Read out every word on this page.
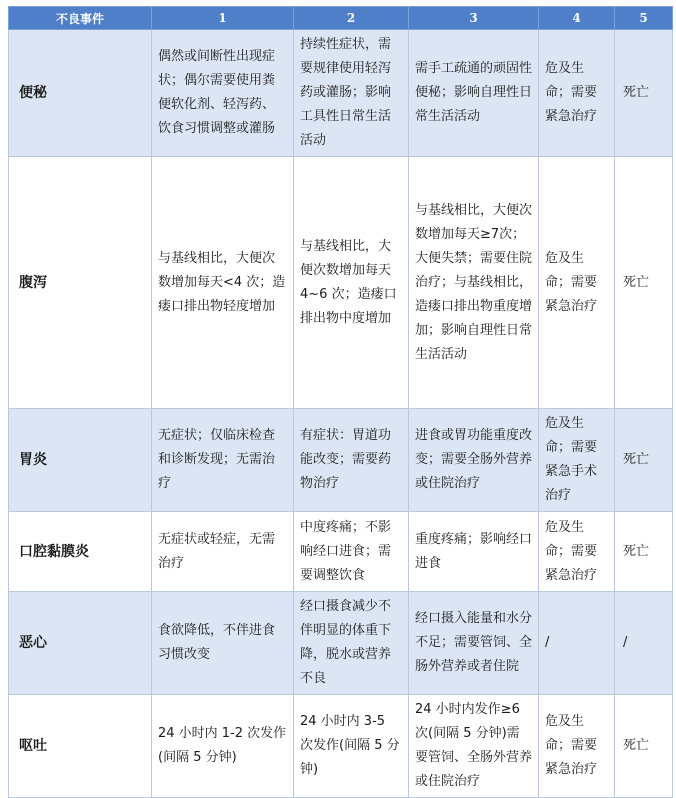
不良事件	1	2	3	4	5
便秘	偶然或间断性出现症状；偶尔需要使用粪便软化剂、轻泻药、饮食习惯调整或灌肠	持续性症状，需要规律使用轻泻药或灌肠；影响工具性日常生活活动	需手工疏通的顽固性便秘；影响自理性日常生活活动	危及生命；需要紧急治疗	死亡
腹泻	与基线相比，大便次数增加每天<4 次；造瘘口排出物轻度增加	与基线相比，大便次数增加每天 4~6 次；造瘘口排出物中度增加	与基线相比，大便次数增加每天≥7次；大便失禁；需要住院治疗；与基线相比，造瘘口排出物重度增加；影响自理性日常生活活动	危及生命；需要紧急治疗	死亡
胃炎	无症状；仅临床检查和诊断发现；无需治疗	有症状：胃道功能改变；需要药物治疗	进食或胃功能重度改变；需要全肠外营养或住院治疗	危及生命；需要紧急手术治疗	死亡
口腔黏膜炎	无症状或轻症，无需治疗	中度疼痛；不影响经口进食；需要调整饮食	重度疼痛；影响经口进食	危及生命；需要紧急治疗	死亡
恶心	食欲降低，不伴进食习惯改变	经口摄食减少不伴明显的体重下降，脱水或营养不良	经口摄入能量和水分不足；需要管饲、全肠外营养或者住院	/	/
呕吐	24 小时内 1-2 次发作(间隔 5 分钟)	24 小时内 3-5 次发作(间隔 5 分钟)	24 小时内发作≥6次(间隔 5 分钟)需要管饲、全肠外营养或住院治疗	危及生命；需要紧急治疗	死亡
